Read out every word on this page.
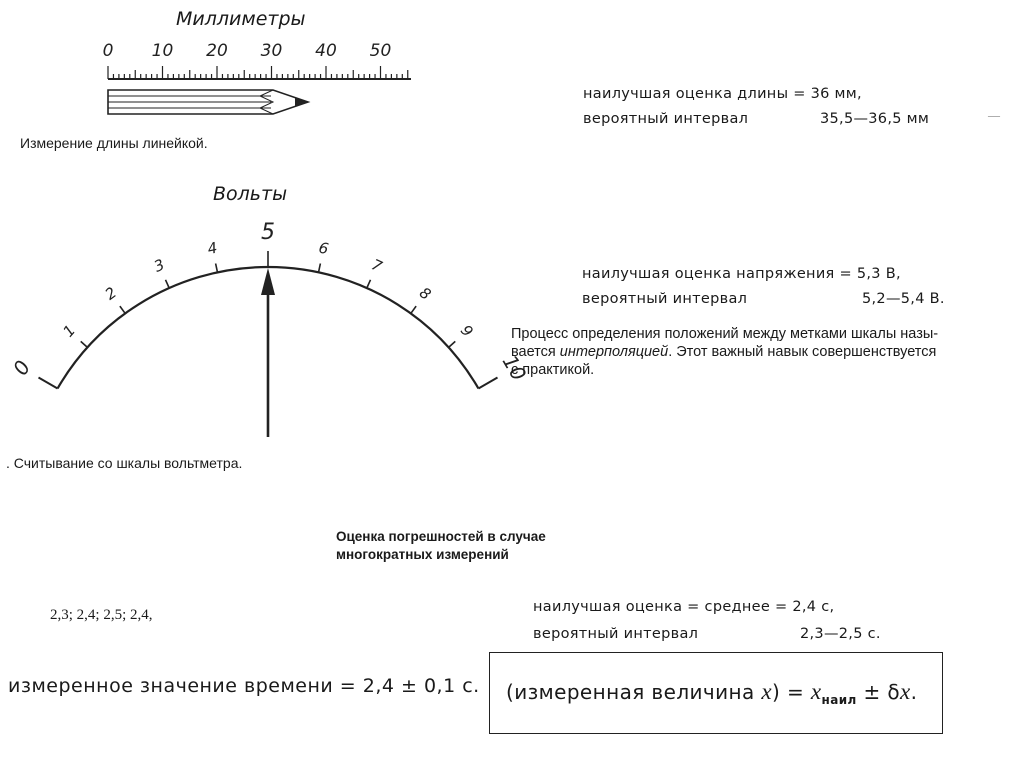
Миллиметры
0 10 20 30 40 50
Измерение длины линейкой.
наилучшая оценка длины = 36 мм,
вероятный интервал	35,5—36,5 мм	—
Вольты
0
1
2
3
4
5
6
7
8
9
10
. Считывание со шкалы вольтметра.
наилучшая оценка напряжения = 5,3 В,
вероятный интервал	5,2—5,4 В.
Процесс определения положений между метками шкалы назы-
вается интерполяцией. Этот важный навык совершенствуется
с практикой.
Оценка погрешностей в случае
многократных измерений
2,3; 2,4; 2,5; 2,4,	наилучшая оценка = среднее = 2,4 с,
вероятный интервал	2,3—2,5 с.
измеренное значение времени = 2,4 ± 0,1 с. (измеренная величина $x) = x_{наил} \pm \delta x$.
